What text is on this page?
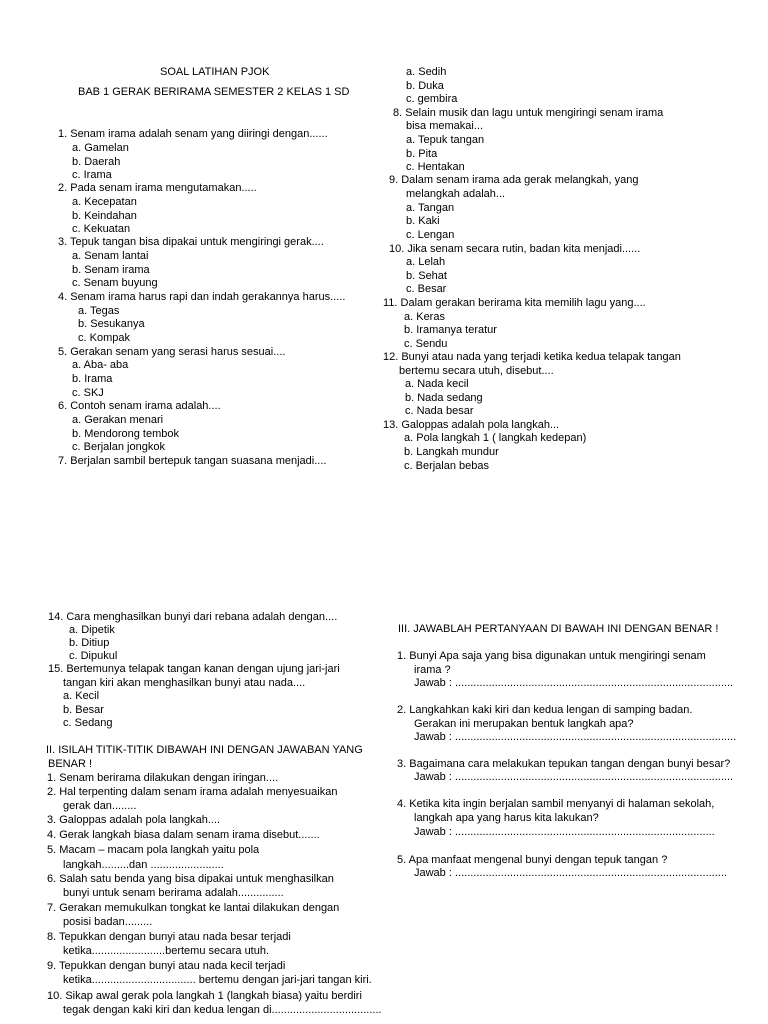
SOAL LATIHAN PJOK
BAB 1 GERAK BERIRAMA SEMESTER 2 KELAS 1 SD
1. Senam irama adalah senam yang diiringi dengan......
a. Gamelan
b. Daerah
c. Irama
2. Pada senam irama mengutamakan.....
a. Kecepatan
b. Keindahan
c. Kekuatan
3. Tepuk tangan bisa dipakai untuk mengiringi gerak....
a. Senam lantai
b. Senam irama
c. Senam buyung
4. Senam irama harus rapi dan indah gerakannya harus.....
a. Tegas
b. Sesukanya
c. Kompak
5. Gerakan senam yang serasi harus sesuai....
a. Aba- aba
b. Irama
c. SKJ
6. Contoh senam irama adalah....
a. Gerakan menari
b. Mendorong tembok
c. Berjalan jongkok
7. Berjalan sambil bertepuk tangan suasana menjadi....
a. Sedih
b. Duka
c. gembira
8. Selain musik dan lagu untuk mengiringi senam irama
bisa memakai...
a. Tepuk tangan
b. Pita
c. Hentakan
9. Dalam senam irama ada gerak melangkah, yang
melangkah adalah...
a. Tangan
b. Kaki
c. Lengan
10. Jika senam secara rutin, badan kita menjadi......
a. Lelah
b. Sehat
c. Besar
11. Dalam gerakan berirama kita memilih lagu yang....
a. Keras
b. Iramanya teratur
c. Sendu
12. Bunyi atau nada yang terjadi ketika kedua telapak tangan
bertemu secara utuh, disebut....
a. Nada kecil
b. Nada sedang
c. Nada besar
13. Galoppas adalah pola langkah...
a. Pola langkah 1 ( langkah kedepan)
b. Langkah mundur
c. Berjalan bebas
14. Cara menghasilkan bunyi dari rebana adalah dengan....
a. Dipetik
b. Ditiup
c. Dipukul
15. Bertemunya telapak tangan kanan dengan ujung jari-jari
tangan kiri akan menghasilkan bunyi atau nada....
a. Kecil
b. Besar
c. Sedang
II. ISILAH TITIK-TITIK DIBAWAH INI DENGAN JAWABAN YANG
BENAR !
1. Senam berirama dilakukan dengan iringan....
2. Hal terpenting dalam senam irama adalah menyesuaikan
gerak dan........
3. Galoppas adalah pola langkah....
4. Gerak langkah biasa dalam senam irama disebut.......
5. Macam – macam pola langkah yaitu pola
langkah.........dan ........................
6. Salah satu benda yang bisa dipakai untuk menghasilkan
bunyi untuk senam berirama adalah...............
7. Gerakan memukulkan tongkat ke lantai dilakukan dengan
posisi badan.........
8. Tepukkan dengan bunyi atau nada besar terjadi
ketika........................bertemu secara utuh.
9. Tepukkan dengan bunyi atau nada kecil terjadi
ketika.................................. bertemu dengan jari-jari tangan kiri.
10. Sikap awal gerak pola langkah 1 (langkah biasa) yaitu berdiri
tegak dengan kaki kiri dan kedua lengan di....................................
III. JAWABLAH PERTANYAAN DI BAWAH INI DENGAN BENAR !
1. Bunyi Apa saja yang bisa digunakan untuk mengiringi senam
irama ?
Jawab : ...........................................................................................
2. Langkahkan kaki kiri dan kedua lengan di samping badan.
Gerakan ini merupakan bentuk langkah apa?
Jawab : ............................................................................................
3. Bagaimana cara melakukan tepukan tangan dengan bunyi besar?
Jawab : ...........................................................................................
4. Ketika kita ingin berjalan sambil menyanyi di halaman sekolah,
langkah apa yang harus kita lakukan?
Jawab : .....................................................................................
5. Apa manfaat mengenal bunyi dengan tepuk tangan ?
Jawab : .........................................................................................
